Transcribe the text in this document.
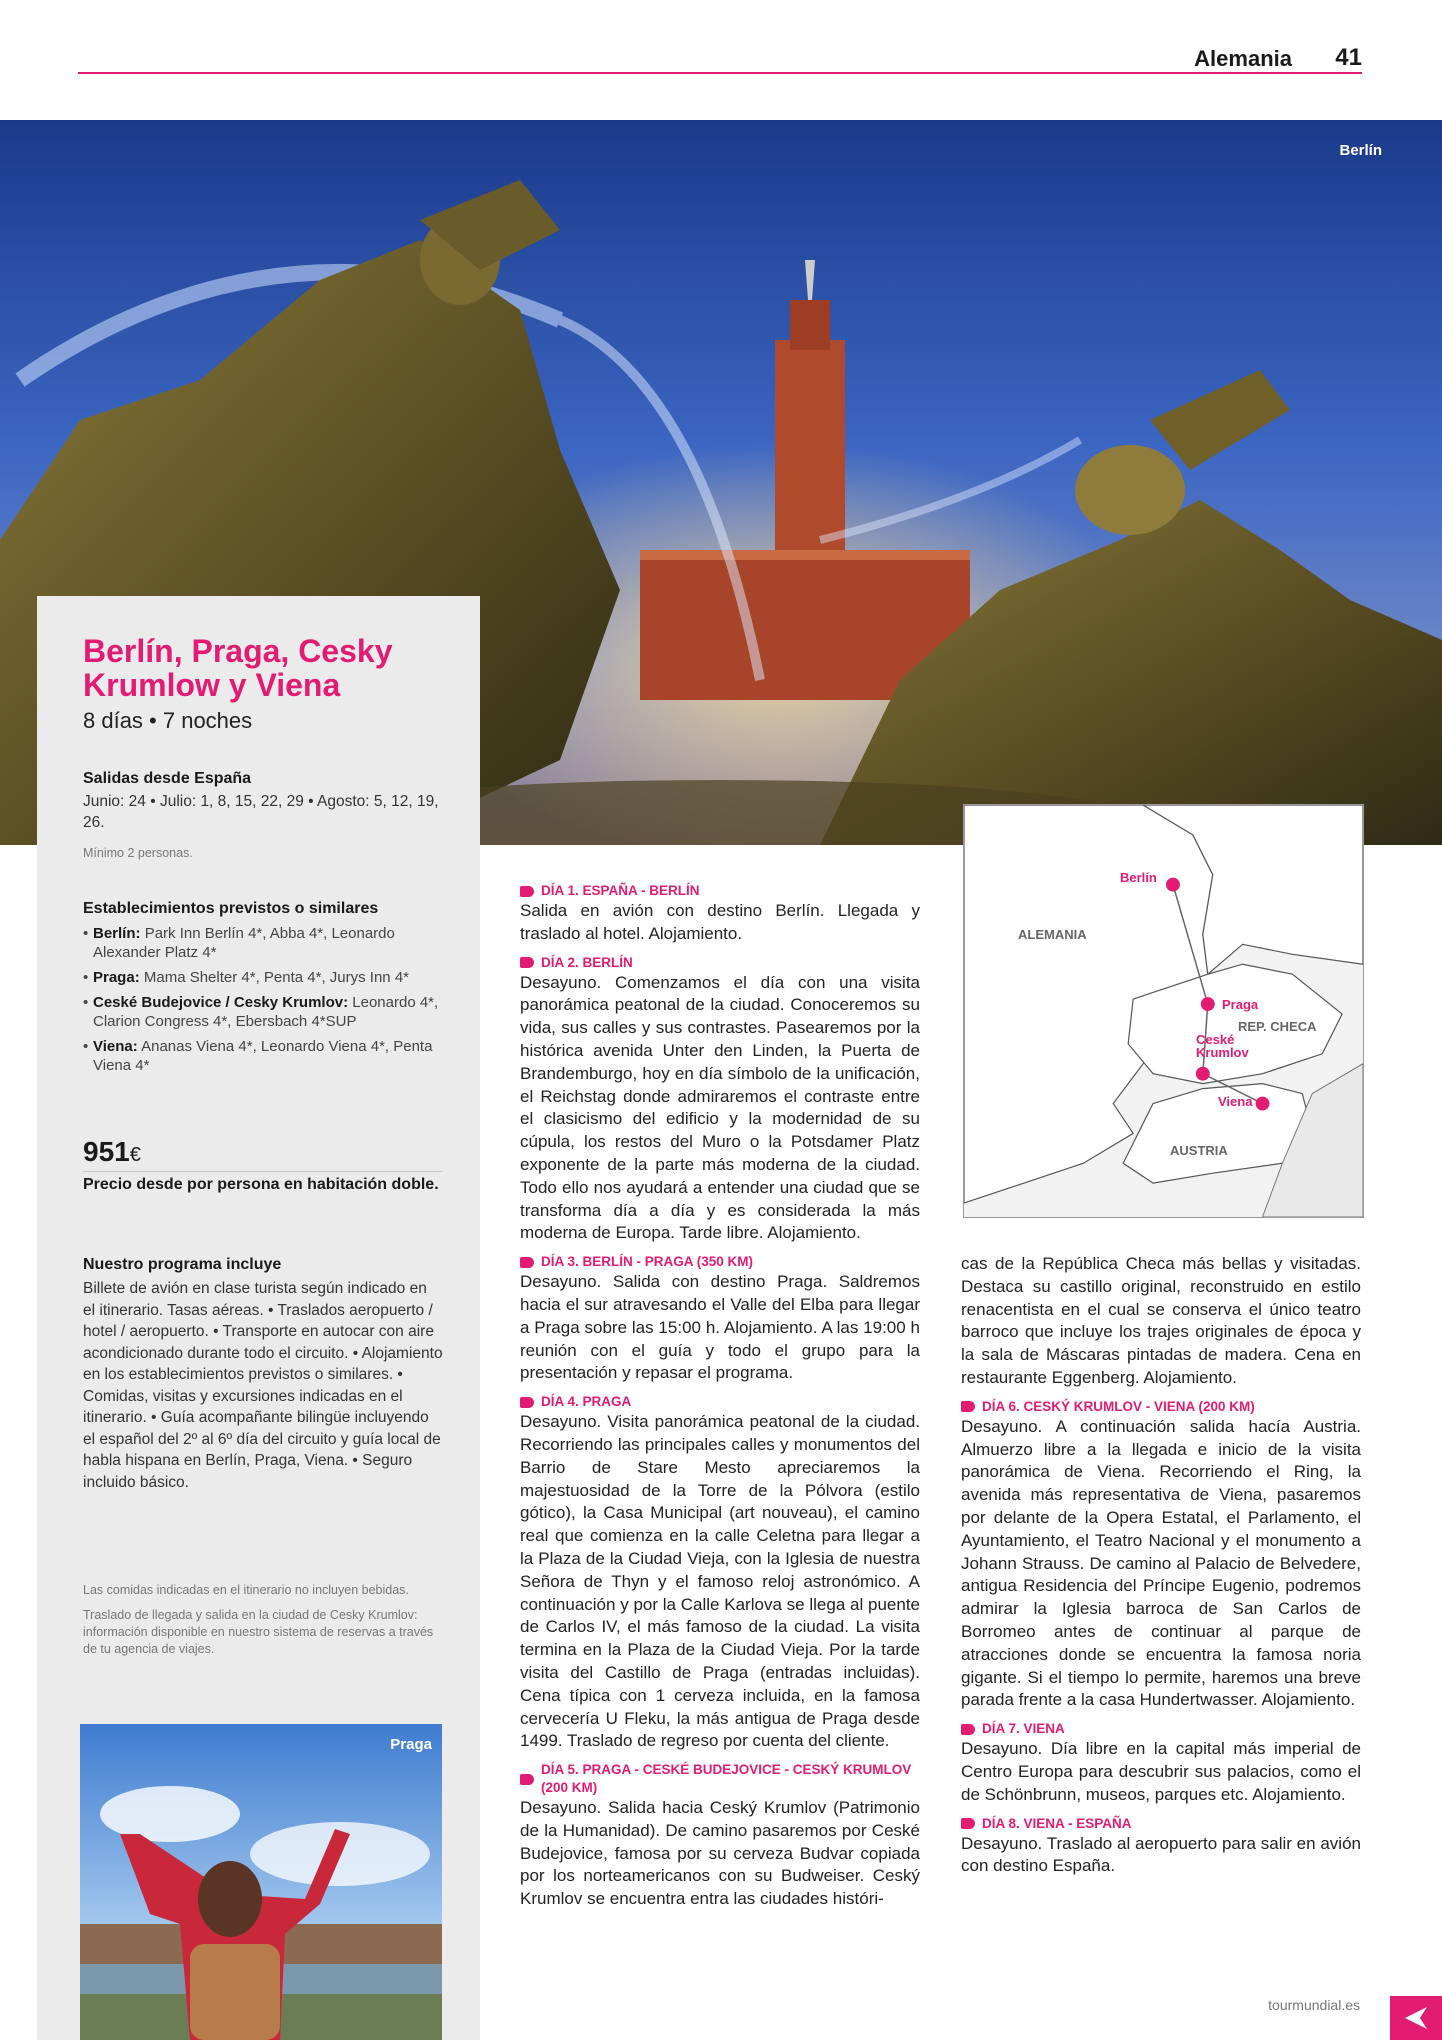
Alemania 41
Berlín
Berlín, Praga, Cesky Krumlow y Viena
8 días • 7 noches
Salidas desde España
Junio: 24 • Julio: 1, 8, 15, 22, 29 • Agosto: 5, 12, 19, 26.
Mínimo 2 personas.
Establecimientos previstos o similares
• Berlín: Park Inn Berlín 4*, Abba 4*, Leonardo Alexander Platz 4*
• Praga: Mama Shelter 4*, Penta 4*, Jurys Inn 4*
• Ceské Budejovice / Cesky Krumlov: Leonardo 4*, Clarion Congress 4*, Ebersbach 4*SUP
• Viena: Ananas Viena 4*, Leonardo Viena 4*, Penta Viena 4*
951€
Precio desde por persona en habitación doble.
Nuestro programa incluye
Billete de avión en clase turista según indicado en el itinerario. Tasas aéreas. • Traslados aeropuerto / hotel / aeropuerto. • Transporte en autocar con aire acondicionado durante todo el circuito. • Alojamiento en los establecimientos previstos o similares. • Comidas, visitas y excursiones indicadas en el itinerario. • Guía acompañante bilingüe incluyendo el español del 2º al 6º día del circuito y guía local de habla hispana en Berlín, Praga, Viena. • Seguro incluido básico.
Las comidas indicadas en el itinerario no incluyen bebidas.
Traslado de llegada y salida en la ciudad de Cesky Krumlov: información disponible en nuestro sistema de reservas a través de tu agencia de viajes.
Praga
DÍA 1. ESPAÑA - BERLÍN

Salida en avión con destino Berlín. Llegada y traslado al hotel. Alojamiento.

DÍA 2. BERLÍN

Desayuno. Comenzamos el día con una visita panorámica peatonal de la ciudad. Conoceremos su vida, sus calles y sus contrastes. Pasearemos por la histórica avenida Unter den Linden, la Puerta de Brandemburgo, hoy en día símbolo de la unificación, el Reichstag donde admiraremos el contraste entre el clasicismo del edificio y la modernidad de su cúpula, los restos del Muro o la Potsdamer Platz exponente de la parte más moderna de la ciudad. Todo ello nos ayudará a entender una ciudad que se transforma día a día y es considerada la más moderna de Europa. Tarde libre. Alojamiento.

DÍA 3. BERLÍN - PRAGA (350 KM)

Desayuno. Salida con destino Praga. Saldremos hacia el sur atravesando el Valle del Elba para llegar a Praga sobre las 15:00 h. Alojamiento. A las 19:00 h reunión con el guía y todo el grupo para la presentación y repasar el programa.

DÍA 4. PRAGA

Desayuno. Visita panorámica peatonal de la ciudad. Recorriendo las principales calles y monumentos del Barrio de Stare Mesto apreciaremos la majestuosidad de la Torre de la Pólvora (estilo gótico), la Casa Municipal (art nouveau), el camino real que comienza en la calle Celetna para llegar a la Plaza de la Ciudad Vieja, con la Iglesia de nuestra Señora de Thyn y el famoso reloj astronómico. A continuación y por la Calle Karlova se llega al puente de Carlos IV, el más famoso de la ciudad. La visita termina en la Plaza de la Ciudad Vieja. Por la tarde visita del Castillo de Praga (entradas incluidas). Cena típica con 1 cerveza incluida, en la famosa cervecería U Fleku, la más antigua de Praga desde 1499. Traslado de regreso por cuenta del cliente.

DÍA 5. PRAGA - CESKÉ BUDEJOVICE - CESKÝ KRUMLOV (200 KM)

Desayuno. Salida hacia Ceský Krumlov (Patrimonio de la Humanidad). De camino pasaremos por Ceské Budejovice, famosa por su cerveza Budvar copiada por los norteamericanos con su Budweiser. Ceský Krumlov se encuentra entra las ciudades históri-

ALEMANIA
REP. CHECA
AUSTRIA
Berlín
Praga
Ceské Krumlov
Viena

cas de la República Checa más bellas y visitadas. Destaca su castillo original, reconstruido en estilo renacentista en el cual se conserva el único teatro barroco que incluye los trajes originales de época y la sala de Máscaras pintadas de madera. Cena en restaurante Eggenberg. Alojamiento.

DÍA 6. CESKÝ KRUMLOV - VIENA (200 KM)

Desayuno. A continuación salida hacía Austria. Almuerzo libre a la llegada e inicio de la visita panorámica de Viena. Recorriendo el Ring, la avenida más representativa de Viena, pasaremos por delante de la Opera Estatal, el Parlamento, el Ayuntamiento, el Teatro Nacional y el monumento a Johann Strauss. De camino al Palacio de Belvedere, antigua Residencia del Príncipe Eugenio, podremos admirar la Iglesia barroca de San Carlos de Borromeo antes de continuar al parque de atracciones donde se encuentra la famosa noria gigante. Si el tiempo lo permite, haremos una breve parada frente a la casa Hundertwasser. Alojamiento.

DÍA 7. VIENA

Desayuno. Día libre en la capital más imperial de Centro Europa para descubrir sus palacios, como el de Schönbrunn, museos, parques etc. Alojamiento.

DÍA 8. VIENA - ESPAÑA

Desayuno. Traslado al aeropuerto para salir en avión con destino España.

tourmundial.es
